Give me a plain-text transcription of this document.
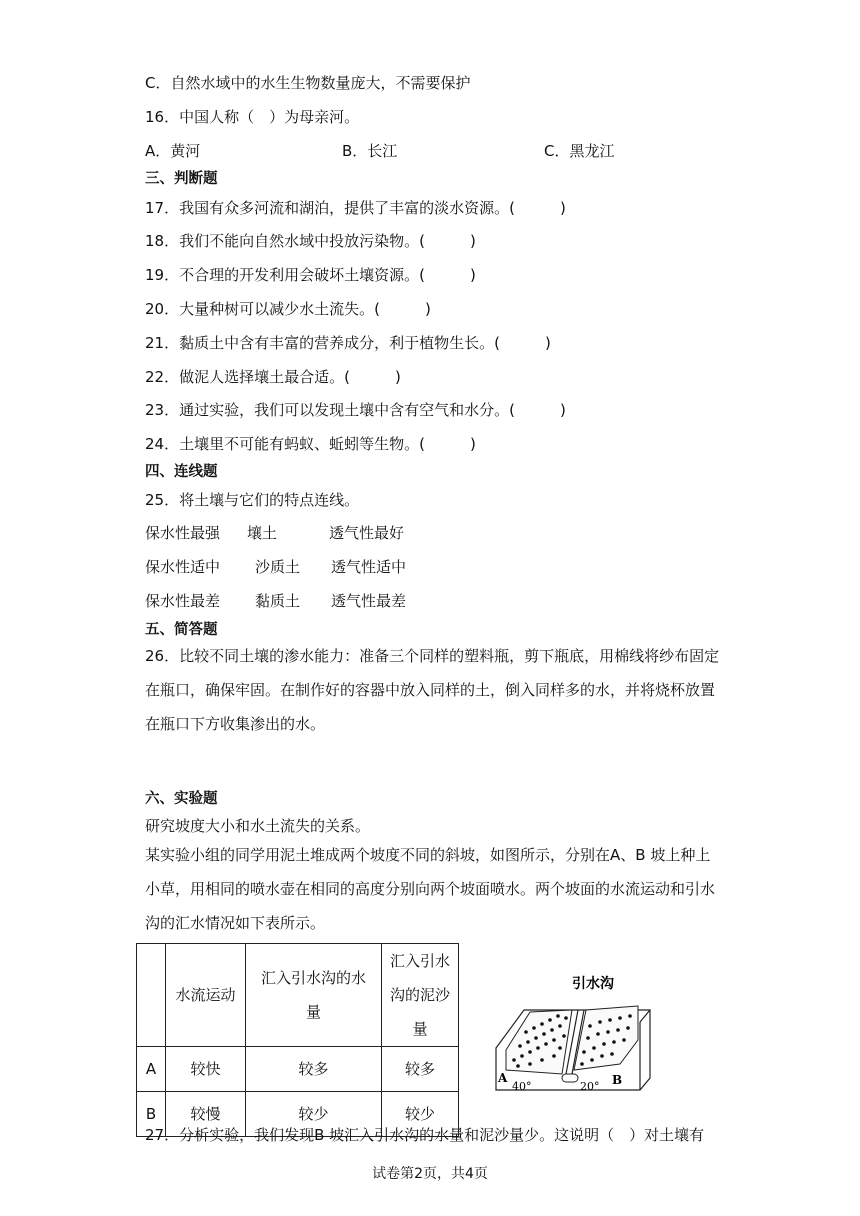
C．自然水域中的水生生物数量庞大，不需要保护
16．中国人称（　）为母亲河。
A．黄河	B．长江	C．黑龙江
三、判断题
17．我国有众多河流和湖泊，提供了丰富的淡水资源。(　　　)
18．我们不能向自然水域中投放污染物。(　　　)
19．不合理的开发利用会破坏土壤资源。(　　　)
20．大量种树可以减少水土流失。(　　　)
21．黏质土中含有丰富的营养成分，利于植物生长。(　　　)
22．做泥人选择壤土最合适。(　　　)
23．通过实验，我们可以发现土壤中含有空气和水分。(　　　)
24．土壤里不可能有蚂蚁、蚯蚓等生物。(　　　)
四、连线题
25．将土壤与它们的特点连线。
保水性最强 壤土	透气性最好
保水性适中 沙质土 透气性适中
保水性最差 黏质土 透气性最差
五、简答题
26．比较不同土壤的渗水能力：准备三个同样的塑料瓶，剪下瓶底，用棉线将纱布固定在瓶口，确保牢固。在制作好的容器中放入同样的土，倒入同样多的水，并将烧杯放置在瓶口下方收集渗出的水。
六、实验题
研究坡度大小和水土流失的关系。
某实验小组的同学用泥土堆成两个坡度不同的斜坡，如图所示，分别在A、B 坡上种上小草，用相同的喷水壶在相同的高度分别向两个坡面喷水。两个坡面的水流运动和引水沟的汇水情况如下表所示。
	水流运动	汇入引水沟的水量	汇入引水沟的泥沙量
A	较快	较多	较多
B	较慢	较少	较少
引水沟
A
40°	20° B
27．分析实验，我们发现B 坡汇入引水沟的水量和泥沙量少。这说明（　）对土壤有
试卷第2页，共4页
